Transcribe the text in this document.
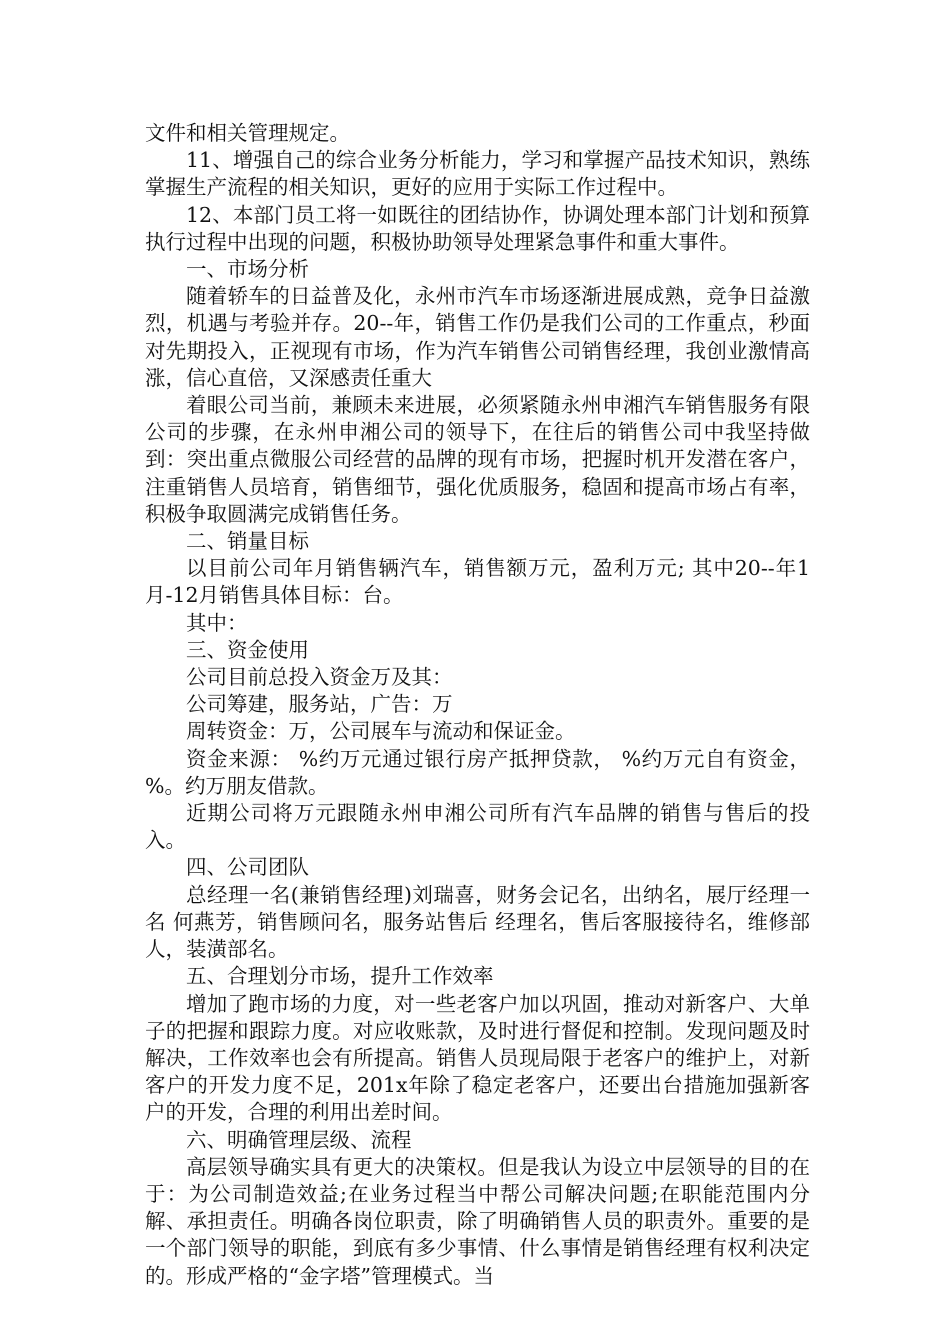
文件和相关管理规定。

11、增强自己的综合业务分析能力，学习和掌握产品技术知识，熟练掌握生产流程的相关知识，更好的应用于实际工作过程中。

12、本部门员工将一如既往的团结协作，协调处理本部门计划和预算执行过程中出现的问题，积极协助领导处理紧急事件和重大事件。

一、市场分析

随着轿车的日益普及化，永州市汽车市场逐渐进展成熟，竞争日益激烈，机遇与考验并存。20--年，销售工作仍是我们公司的工作重点，秒面对先期投入，正视现有市场，作为汽车销售公司销售经理，我创业激情高涨，信心直倍，又深感责任重大

着眼公司当前，兼顾未来进展，必须紧随永州申湘汽车销售服务有限公司的步骤，在永州申湘公司的领导下，在往后的销售公司中我坚持做到：突出重点微服公司经营的品牌的现有市场，把握时机开发潜在客户，注重销售人员培育，销售细节，强化优质服务，稳固和提高市场占有率，积极争取圆满完成销售任务。

二、销量目标

以目前公司年月销售辆汽车，销售额万元，盈利万元; 其中20--年1月-12月销售具体目标：台。

其中：

三、资金使用

公司目前总投入资金万及其：

公司筹建，服务站，广告：万

周转资金：万，公司展车与流动和保证金。

资金来源： %约万元通过银行房产抵押贷款， %约万元自有资金， %。约万朋友借款。

近期公司将万元跟随永州申湘公司所有汽车品牌的销售与售后的投入。

四、公司团队

总经理一名(兼销售经理)刘瑞喜，财务会记名，出纳名，展厅经理一名 何燕芳，销售顾问名，服务站售后 经理名，售后客服接待名，维修部人，装潢部名。

五、合理划分市场，提升工作效率

增加了跑市场的力度，对一些老客户加以巩固，推动对新客户、大单子的把握和跟踪力度。对应收账款，及时进行督促和控制。发现问题及时解决，工作效率也会有所提高。销售人员现局限于老客户的维护上，对新客户的开发力度不足，201x年除了稳定老客户，还要出台措施加强新客户的开发，合理的利用出差时间。

六、明确管理层级、流程

高层领导确实具有更大的决策权。但是我认为设立中层领导的目的在于：为公司制造效益;在业务过程当中帮公司解决问题;在职能范围内分解、承担责任。明确各岗位职责，除了明确销售人员的职责外。重要的是一个部门领导的职能，到底有多少事情、什么事情是销售经理有权利决定的。形成严格的“金字塔”管理模式。当
